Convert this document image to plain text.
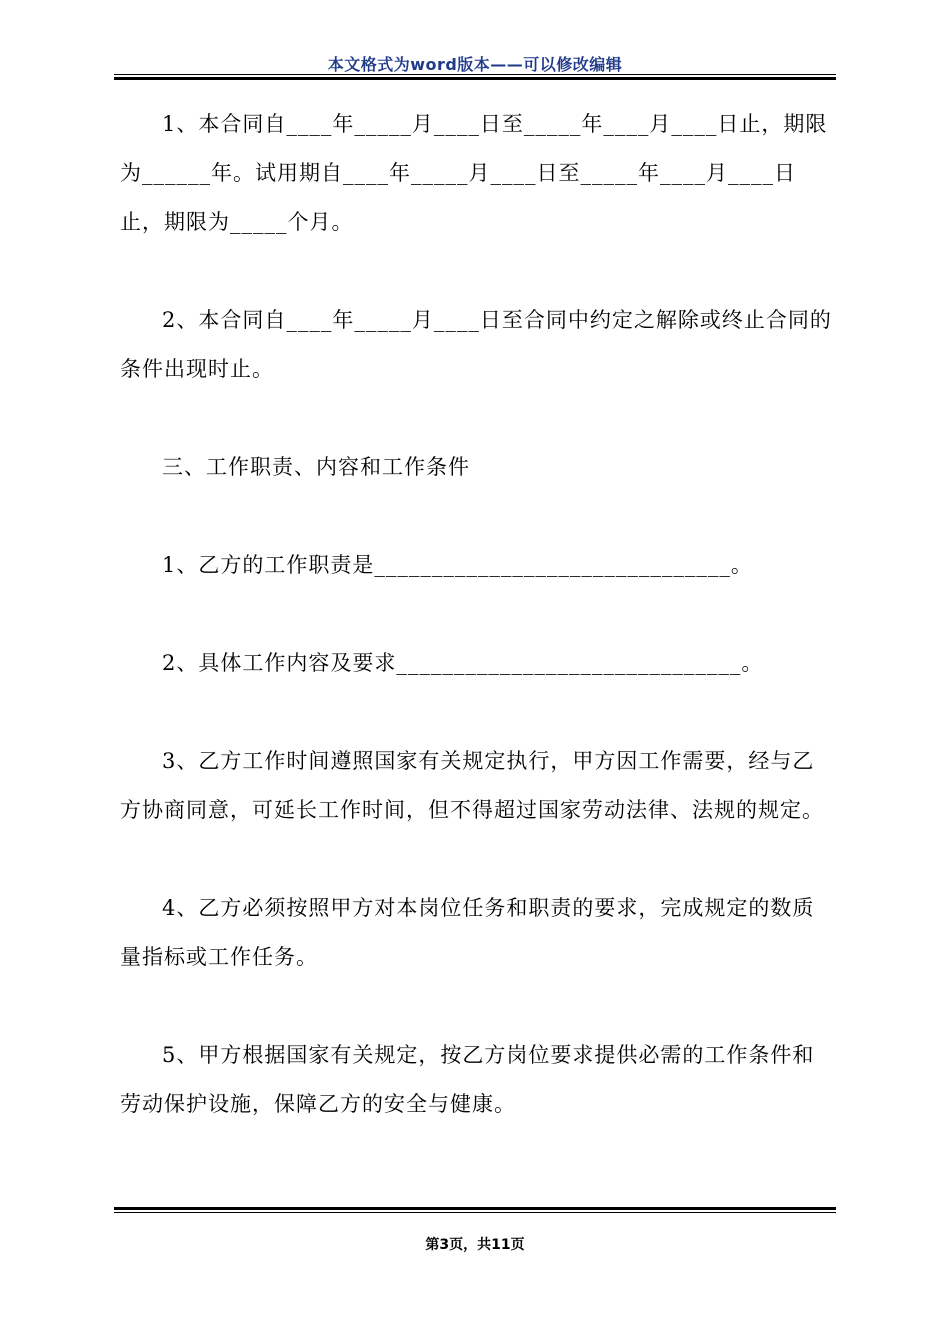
本文格式为word版本——可以修改编辑

1、本合同自____年_____月____日至_____年____月____日止，期限为______年。试用期自____年_____月____日至_____年____月____日止，期限为_____个月。

2、本合同自____年_____月____日至合同中约定之解除或终止合同的条件出现时止。

三、工作职责、内容和工作条件

1、乙方的工作职责是_______________________________。

2、具体工作内容及要求______________________________。

3、乙方工作时间遵照国家有关规定执行，甲方因工作需要，经与乙方协商同意，可延长工作时间，但不得超过国家劳动法律、法规的规定。

4、乙方必须按照甲方对本岗位任务和职责的要求，完成规定的数质量指标或工作任务。

5、甲方根据国家有关规定，按乙方岗位要求提供必需的工作条件和劳动保护设施，保障乙方的安全与健康。

第3页，共11页
